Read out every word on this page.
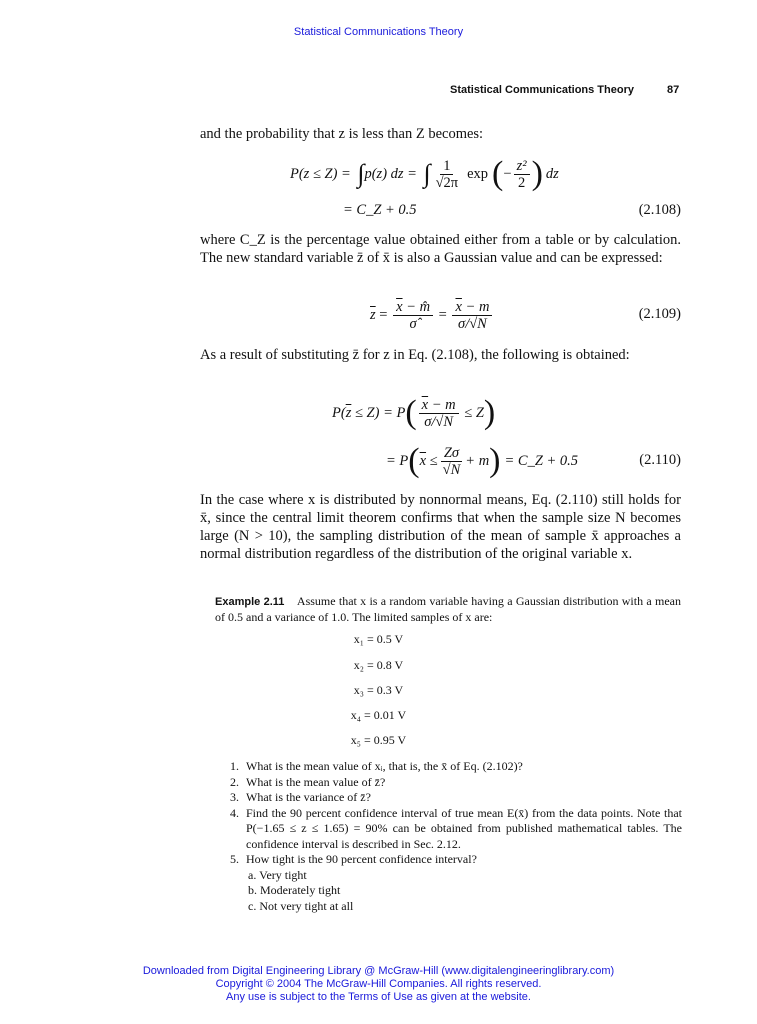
Statistical Communications Theory
Statistical Communications Theory	87
and the probability that z is less than Z becomes:
P(z ≤ Z) = ∫ p(z) dz = ∫ $\frac{1}{√2\pi}$ exp ( − $\frac{\text{z²}}{2}$ ) dz
= C_Z + 0.5	(2.108)
where C_Z is the percentage value obtained either from a table or by calculation. The new standard variable z̄ of x̄ is also a Gaussian value and can be expressed:
$\overline{z} = \frac{\overline{x} - m̂}{\sigmâ} = \frac{\overline{x} - m}{\sigma/√N}$	(2.109)
As a result of substituting z̄ for z in Eq. (2.108), the following is obtained:
$P(\overline{z} \le Z) = P$ ( $\frac{\overline{x} - m}{\sigma/√N} \le Z$ )
= P ( $\overline{x} \le \frac{Z\sigma}{√N} + m$ ) = C_Z + 0.5	(2.110)
In the case where x is distributed by nonnormal means, Eq. (2.110) still holds for x̄, since the central limit theorem confirms that when the sample size N becomes large (N > 10), the sampling distribution of the mean of sample x̄ approaches a normal distribution regardless of the distribution of the original variable x.
Example 2.11 Assume that x is a random variable having a Gaussian distribution with a mean of 0.5 and a variance of 1.0. The limited samples of x are:
x₁ = 0.5 V
x₂ = 0.8 V
x₃ = 0.3 V
x₄ = 0.01 V
x₅ = 0.95 V
1. What is the mean value of xᵢ, that is, the x̄ of Eq. (2.102)?
2. What is the mean value of z̄?
3. What is the variance of z̄?
4. Find the 90 percent confidence interval of true mean E(x̄) from the data points. Note that P(−1.65 ≤ z ≤ 1.65) = 90% can be obtained from published mathematical tables. The confidence interval is described in Sec. 2.12.
5. How tight is the 90 percent confidence interval?
a. Very tight
b. Moderately tight
c. Not very tight at all
Downloaded from Digital Engineering Library @ McGraw-Hill (www.digitalengineeringlibrary.com)
Copyright © 2004 The McGraw-Hill Companies. All rights reserved.
Any use is subject to the Terms of Use as given at the website.
